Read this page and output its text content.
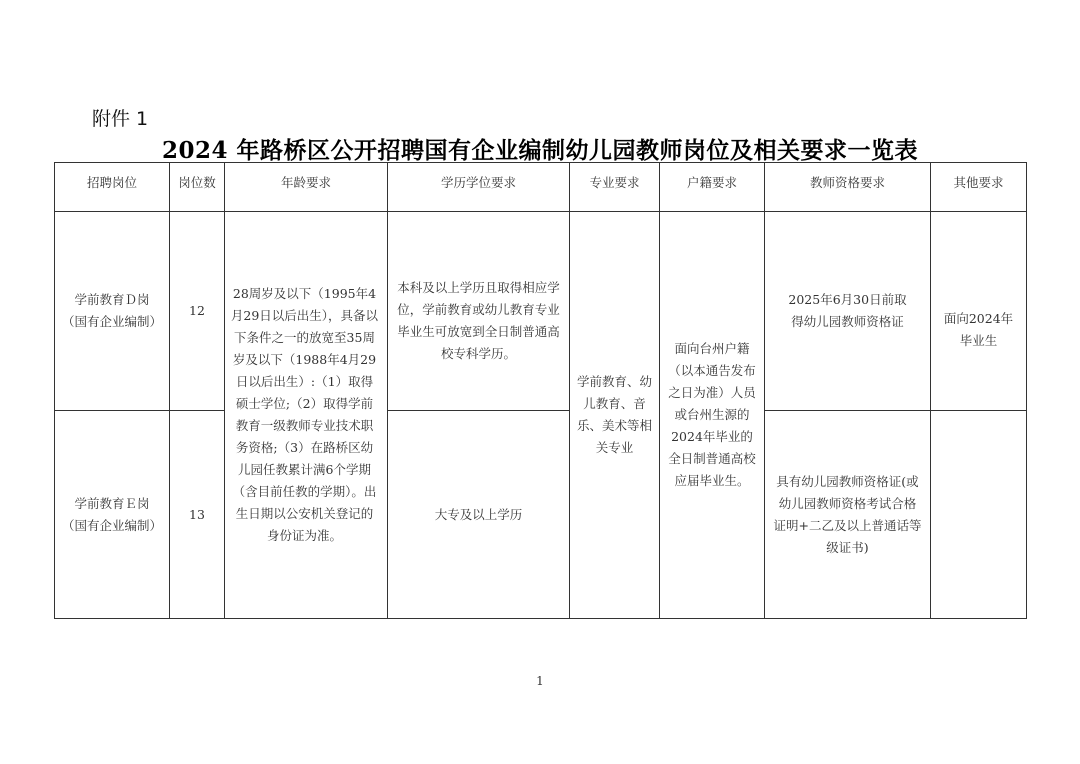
附件 1
2024 年路桥区公开招聘国有企业编制幼儿园教师岗位及相关要求一览表
招聘岗位	岗位数	年龄要求	学历学位要求	专业要求	户籍要求	教师资格要求	其他要求
学前教育Ｄ岗
（国有企业编制）	12	28周岁及以下（1995年4月29日以后出生），具备以下条件之一的放宽至35周岁及以下（1988年4月29日以后出生）:（1）取得硕士学位;（2）取得学前教育一级教师专业技术职务资格;（3）在路桥区幼儿园任教累计满6个学期（含目前任教的学期）。出生日期以公安机关登记的身份证为准。	本科及以上学历且取得相应学位，学前教育或幼儿教育专业毕业生可放宽到全日制普通高校专科学历。	学前教育、幼儿教育、音乐、美术等相关专业	面向台州户籍（以本通告发布之日为准）人员或台州生源的2024年毕业的全日制普通高校应届毕业生。	2025年6月30日前取得幼儿园教师资格证	面向2024年毕业生
学前教育Ｅ岗
（国有企业编制）	13		大专及以上学历			具有幼儿园教师资格证(或幼儿园教师资格考试合格证明+二乙及以上普通话等级证书)	
1
